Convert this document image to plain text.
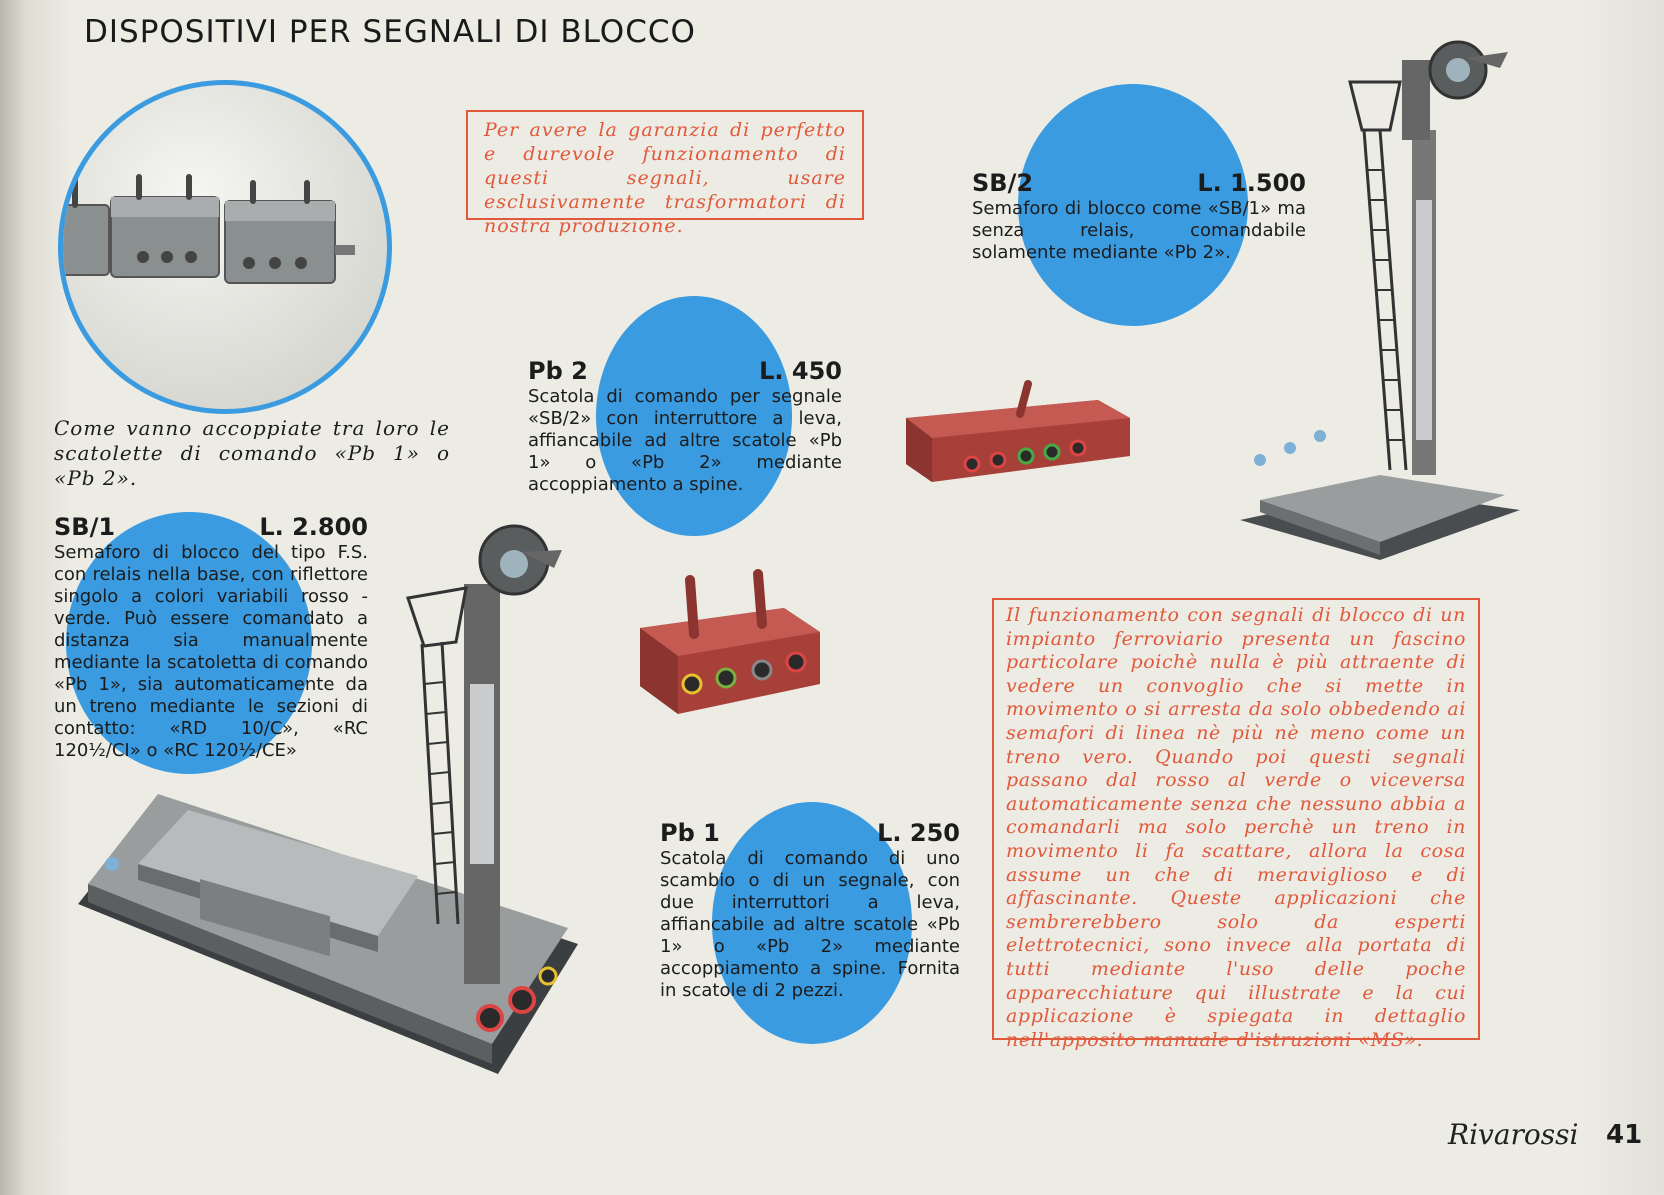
DISPOSITIVI PER SEGNALI DI BLOCCO
Per avere la garanzia di perfetto e durevole funzionamento di questi segnali, usare esclusivamente trasformatori di nostra produzione.
Come vanno accoppiate tra loro le scatolette di comando «Pb 1» o «Pb 2».
SB/2	L. 1.500
Semaforo di blocco come «SB/1» ma senza relais, comandabile solamente mediante «Pb 2».
Pb 2	L. 450
Scatola di comando per segnale «SB/2» con interruttore a leva, affiancabile ad altre scatole «Pb 1» o «Pb 2» mediante accoppiamento a spine.
SB/1	L. 2.800
Semaforo di blocco del tipo F.S. con relais nella base, con riflettore singolo a colori variabili rosso - verde. Può essere comandato a distanza sia manualmente mediante la scatoletta di comando «Pb 1», sia automaticamente da un treno mediante le sezioni di contatto: «RD 10/C», «RC 120½/CI» o «RC 120½/CE»
Pb 1	L. 250
Scatola di comando di uno scambio o di un segnale, con due interruttori a leva, affiancabile ad altre scatole «Pb 1» o «Pb 2» mediante accoppiamento a spine. Fornita in scatole di 2 pezzi.
Il funzionamento con segnali di blocco di un impianto ferroviario presenta un fascino particolare poichè nulla è più attraente di vedere un convoglio che si mette in movimento o si arresta da solo obbedendo ai semafori di linea nè più nè meno come un treno vero. Quando poi questi segnali passano dal rosso al verde o viceversa automaticamente senza che nessuno abbia a comandarli ma solo perchè un treno in movimento li fa scattare, allora la cosa assume un che di meraviglioso e di affascinante. Queste applicazioni che sembrerebbero solo da esperti elettrotecnici, sono invece alla portata di tutti mediante l'uso delle poche apparecchiature qui illustrate e la cui applicazione è spiegata in dettaglio nell'apposito manuale d'istruzioni «MS».
Rivarossi 41
